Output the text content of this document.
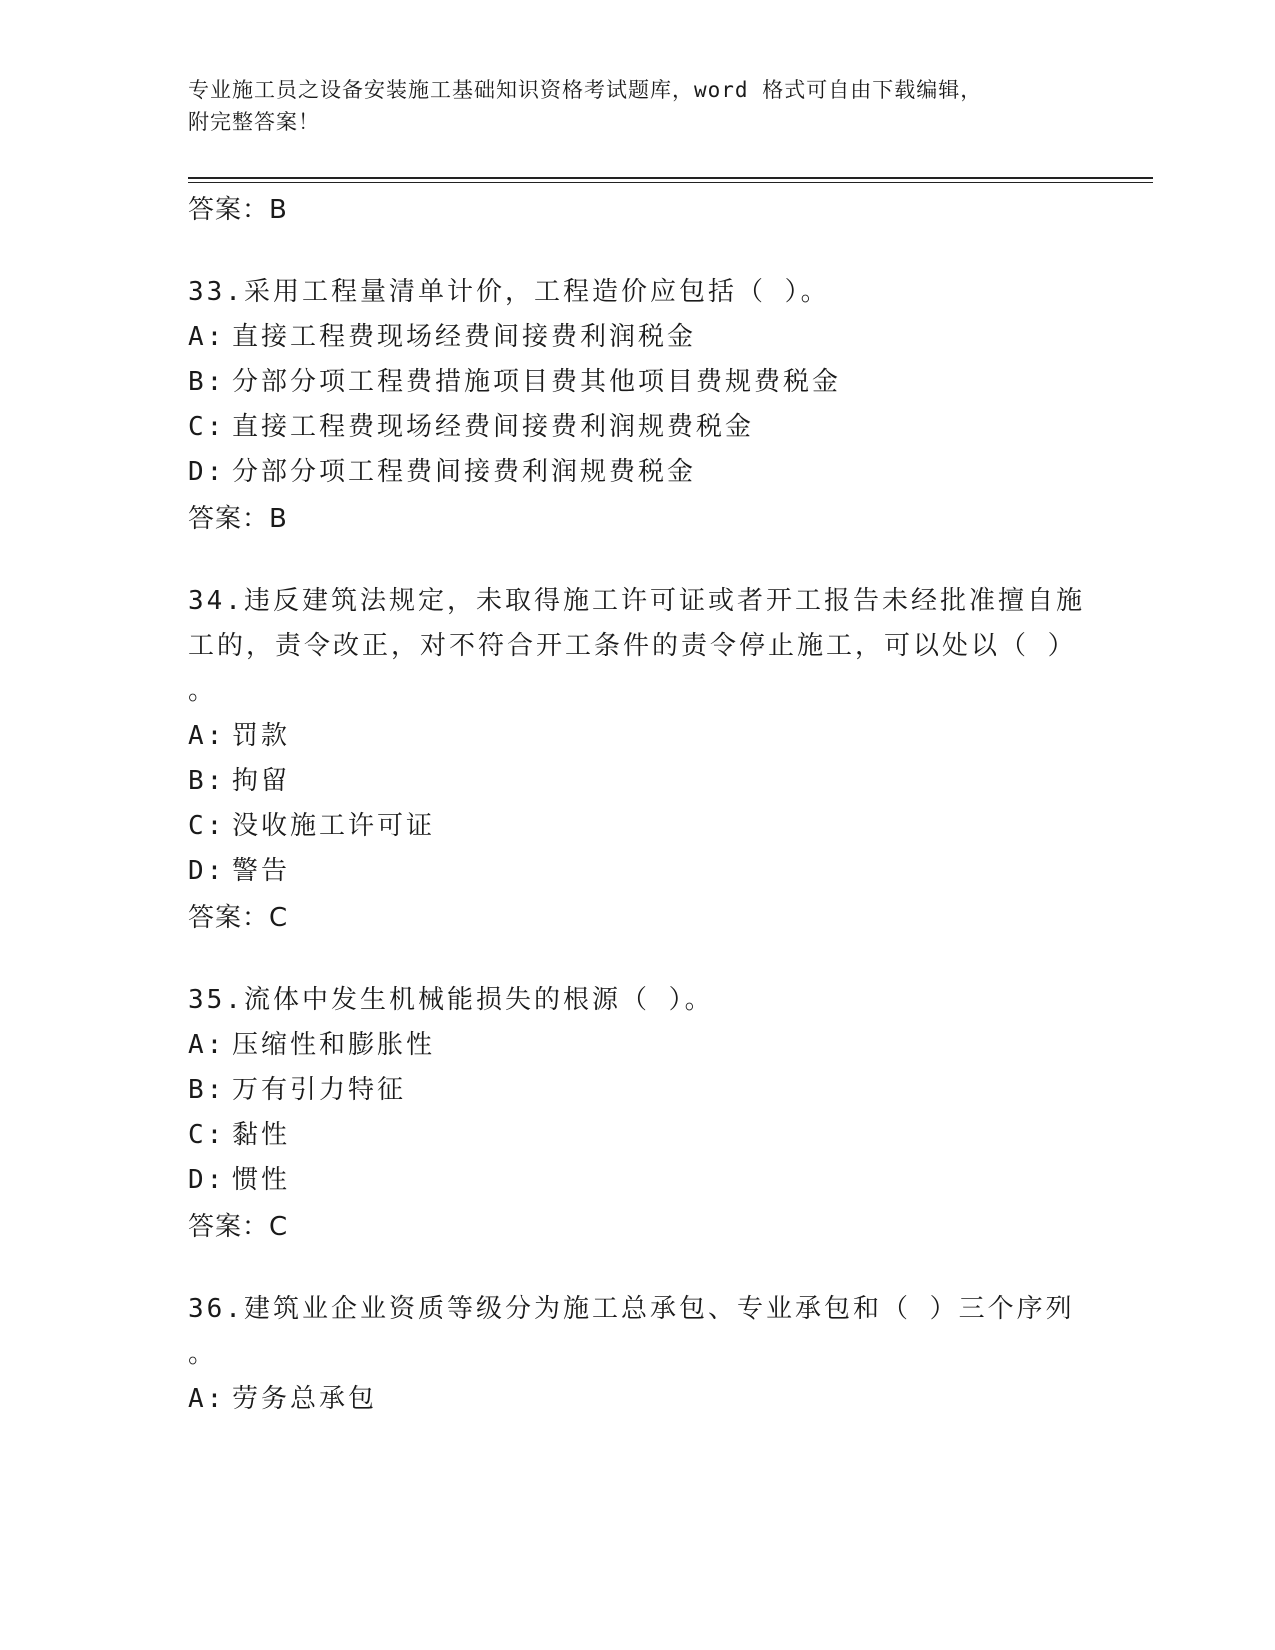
专业施工员之设备安装施工基础知识资格考试题库，word 格式可自由下载编辑，
附完整答案！
答案：B
33.采用工程量清单计价，工程造价应包括（ ）。
A: 直接工程费现场经费间接费利润税金
B: 分部分项工程费措施项目费其他项目费规费税金
C: 直接工程费现场经费间接费利润规费税金
D: 分部分项工程费间接费利润规费税金
答案：B
34.违反建筑法规定，未取得施工许可证或者开工报告未经批准擅自施
工的，责令改正，对不符合开工条件的责令停止施工，可以处以（ ）
。
A: 罚款
B: 拘留
C: 没收施工许可证
D: 警告
答案：C
35.流体中发生机械能损失的根源（ ）。
A: 压缩性和膨胀性
B: 万有引力特征
C: 黏性
D: 惯性
答案：C
36.建筑业企业资质等级分为施工总承包、专业承包和（ ）三个序列
。
A: 劳务总承包
